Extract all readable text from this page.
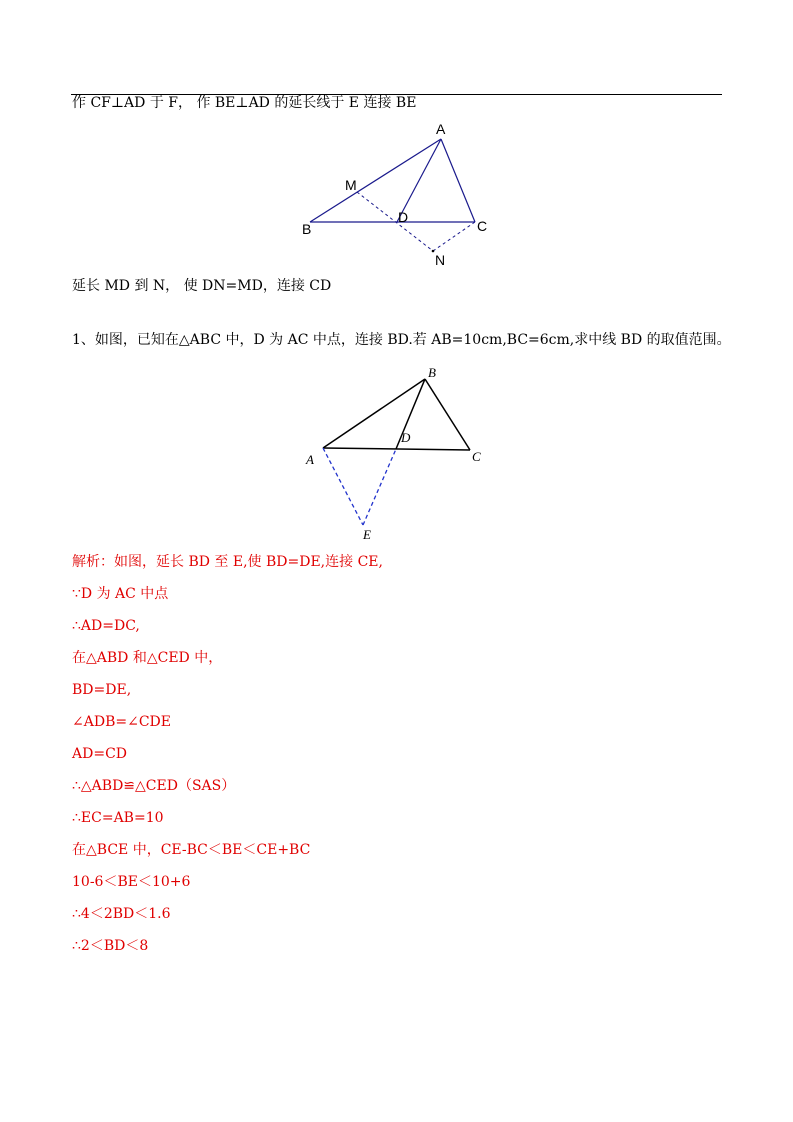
作 CF⊥AD 于 F， 作 BE⊥AD 的延长线于 E 连接 BE
A
M
D
B	C
N
延长 MD 到 N， 使 DN=MD，连接 CD
1、如图，已知在△ABC 中，D 为 AC 中点，连接 BD.若 AB=10cm,BC=6cm,求中线 BD 的取值范围。
B
D
A	C
E
解析：如图，延长 BD 至 E,使 BD=DE,连接 CE,
∵D 为 AC 中点
∴AD=DC,
在△ABD 和△CED 中，
BD=DE,
∠ADB=∠CDE
AD=CD
∴△ABD≌△CED（SAS）
∴EC=AB=10
在△BCE 中，CE-BC＜BE＜CE+BC
10-6＜BE＜10+6
∴4＜2BD＜1.6
∴2＜BD＜8
